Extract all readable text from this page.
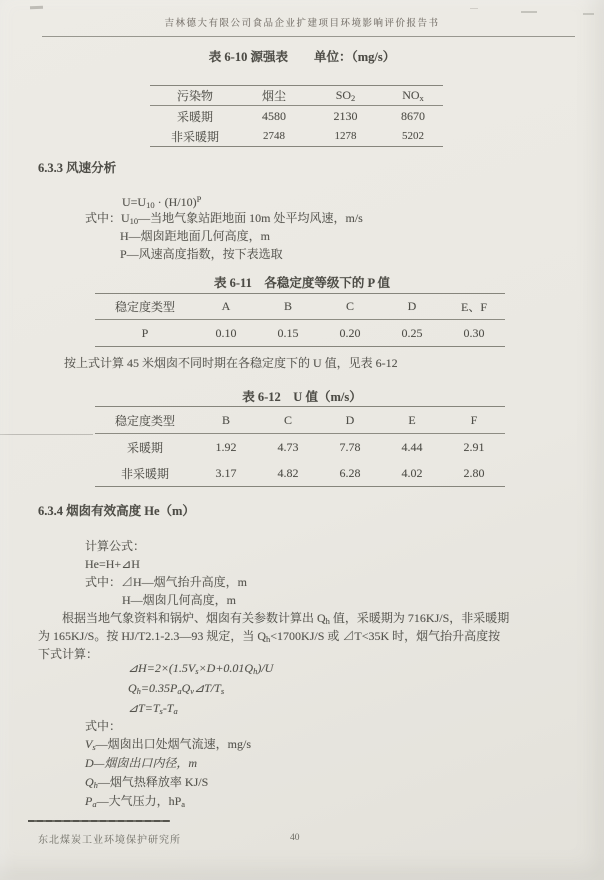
吉林德大有限公司食品企业扩建项目环境影响评价报告书
表 6-10 源强表 单位：（mg/s）
污染物	烟尘	$SO_2$	$NO_x$
采暖期	4580	2130	8670
非采暖期	2748	1278	5202
6.3.3 风速分析
$U=U_{10} \cdot (H/10)^P$
式中：$U_{10}—$当地气象站距地面 10m 处平均风速，m/s
H—烟囱距地面几何高度，m
P—风速高度指数，按下表选取
表 6-11　各稳定度等级下的 P 值
稳定度类型	A	B	C	D	E、F
P	0.10	0.15	0.20	0.25	0.30
按上式计算 45 米烟囱不同时期在各稳定度下的 U 值，见表 6-12
表 6-12　U 值（m/s）
稳定度类型	B	C	D	E	F
采暖期	1.92	4.73	7.78	4.44	2.91
非采暖期	3.17	4.82	6.28	4.02	2.80
6.3.4 烟囱有效高度 He（m）
计算公式：
He=H+⊿H
式中：⊿H—烟气抬升高度，m
H—烟囱几何高度，m
根据当地气象资料和锅炉、烟囱有关参数计算出 $Q_h$ 值，采暖期为 716KJ/S，非采暖期
为 165KJ/S。按 HJ/T2.1-2.3—93 规定，当 $Q_h<1700KJ/S$ 或 ⊿T<35K 时，烟气抬升高度按
下式计算：
$⊿H=2\times(1.5V_s\times D+0.01Q_h)/U$
$Q_h=0.35P_aQ_v⊿T/T_s$
$⊿T=T_s-T_a$
式中：
$V_s—$烟囱出口处烟气流速，mg/s
D—烟囱出口内径，m
$Q_h—$烟气热释放率 KJ/S
$P_a—$大气压力，$hP_a$
东北煤炭工业环境保护研究所	40
